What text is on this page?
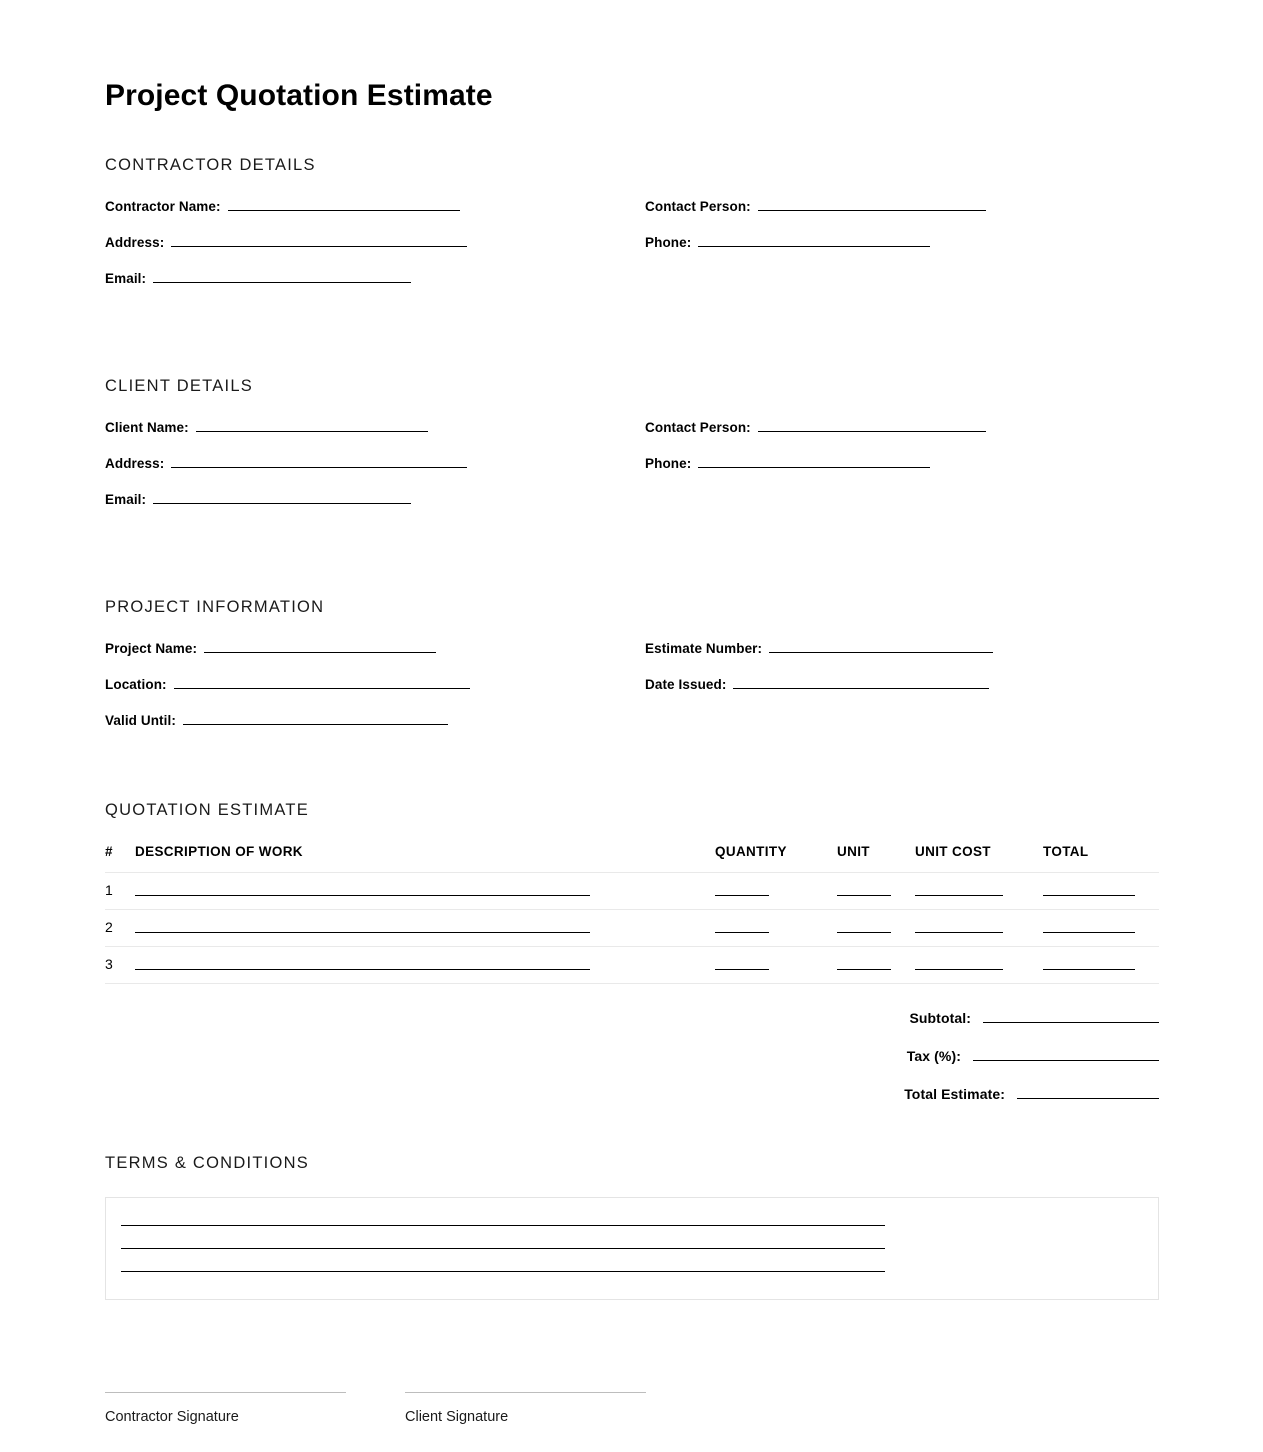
Project Quotation Estimate
CONTRACTOR DETAILS
Contractor Name:
Address:
Email:
Contact Person:
Phone:
CLIENT DETAILS
Client Name:
Address:
Email:
Contact Person:
Phone:
PROJECT INFORMATION
Project Name:
Location:
Valid Until:
Estimate Number:
Date Issued:
QUOTATION ESTIMATE
#	DESCRIPTION OF WORK	QUANTITY	UNIT	UNIT COST	TOTAL
1					
2					
3					

Subtotal:
Tax (%):
Total Estimate:
TERMS & CONDITIONS
Contractor Signature	Client Signature
